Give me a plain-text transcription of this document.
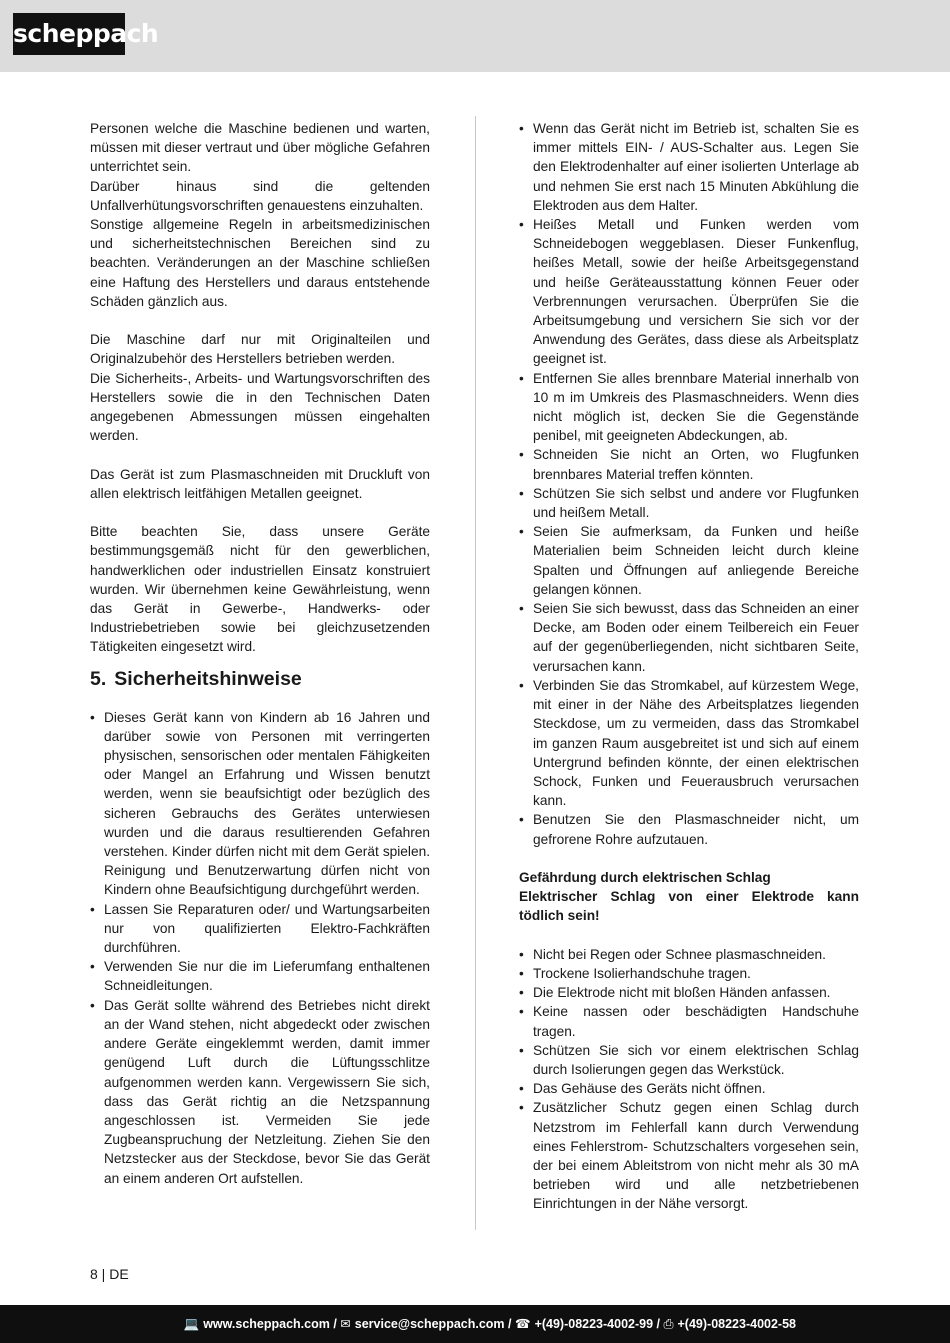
scheppach

Personen welche die Maschine bedienen und warten, müssen mit dieser vertraut und über mögliche Gefahren unterrichtet sein.

Darüber hinaus sind die geltenden Unfallverhütungsvorschriften genauestens einzuhalten.

Sonstige allgemeine Regeln in arbeitsmedizinischen und sicherheitstechnischen Bereichen sind zu beachten. Veränderungen an der Maschine schließen eine Haftung des Herstellers und daraus entstehende Schäden gänzlich aus.

Die Maschine darf nur mit Originalteilen und Originalzubehör des Herstellers betrieben werden.

Die Sicherheits-, Arbeits- und Wartungsvorschriften des Herstellers sowie die in den Technischen Daten angegebenen Abmessungen müssen eingehalten werden.

Das Gerät ist zum Plasmaschneiden mit Druckluft von allen elektrisch leitfähigen Metallen geeignet.

Bitte beachten Sie, dass unsere Geräte bestimmungsgemäß nicht für den gewerblichen, handwerklichen oder industriellen Einsatz konstruiert wurden. Wir übernehmen keine Gewährleistung, wenn das Gerät in Gewerbe-, Handwerks- oder Industriebetrieben sowie bei gleichzusetzenden Tätigkeiten eingesetzt wird.

5. Sicherheitshinweise
• Dieses Gerät kann von Kindern ab 16 Jahren und darüber sowie von Personen mit verringerten physischen, sensorischen oder mentalen Fähigkeiten oder Mangel an Erfahrung und Wissen benutzt werden, wenn sie beaufsichtigt oder bezüglich des sicheren Gebrauchs des Gerätes unterwiesen wurden und die daraus resultierenden Gefahren verstehen. Kinder dürfen nicht mit dem Gerät spielen. Reinigung und Benutzerwartung dürfen nicht von Kindern ohne Beaufsichtigung durchgeführt werden.
• Lassen Sie Reparaturen oder/ und Wartungsarbeiten nur von qualifizierten Elektro-Fachkräften durchführen.
• Verwenden Sie nur die im Lieferumfang enthaltenen Schneidleitungen.
• Das Gerät sollte während des Betriebes nicht direkt an der Wand stehen, nicht abgedeckt oder zwischen andere Geräte eingeklemmt werden, damit immer genügend Luft durch die Lüftungsschlitze aufgenommen werden kann. Vergewissern Sie sich, dass das Gerät richtig an die Netzspannung angeschlossen ist. Vermeiden Sie jede Zugbeanspruchung der Netzleitung. Ziehen Sie den Netzstecker aus der Steckdose, bevor Sie das Gerät an einem anderen Ort aufstellen.
• Wenn das Gerät nicht im Betrieb ist, schalten Sie es immer mittels EIN- / AUS-Schalter aus. Legen Sie den Elektrodenhalter auf einer isolierten Unterlage ab und nehmen Sie erst nach 15 Minuten Abkühlung die Elektroden aus dem Halter.
• Heißes Metall und Funken werden vom Schneidebogen weggeblasen. Dieser Funkenflug, heißes Metall, sowie der heiße Arbeitsgegenstand und heiße Geräteausstattung können Feuer oder Verbrennungen verursachen. Überprüfen Sie die Arbeitsumgebung und versichern Sie sich vor der Anwendung des Gerätes, dass diese als Arbeitsplatz geeignet ist.
• Entfernen Sie alles brennbare Material innerhalb von 10 m im Umkreis des Plasmaschneiders. Wenn dies nicht möglich ist, decken Sie die Gegenstände penibel, mit geeigneten Abdeckungen, ab.
• Schneiden Sie nicht an Orten, wo Flugfunken brennbares Material treffen könnten.
• Schützen Sie sich selbst und andere vor Flugfunken und heißem Metall.
• Seien Sie aufmerksam, da Funken und heiße Materialien beim Schneiden leicht durch kleine Spalten und Öffnungen auf anliegende Bereiche gelangen können.
• Seien Sie sich bewusst, dass das Schneiden an einer Decke, am Boden oder einem Teilbereich ein Feuer auf der gegenüberliegenden, nicht sichtbaren Seite, verursachen kann.
• Verbinden Sie das Stromkabel, auf kürzestem Wege, mit einer in der Nähe des Arbeitsplatzes liegenden Steckdose, um zu vermeiden, dass das Stromkabel im ganzen Raum ausgebreitet ist und sich auf einem Untergrund befinden könnte, der einen elektrischen Schock, Funken und Feuerausbruch verursachen kann.
• Benutzen Sie den Plasmaschneider nicht, um gefrorene Rohre aufzutauen.

Gefährdung durch elektrischen Schlag

Elektrischer Schlag von einer Elektrode kann tödlich sein!

• Nicht bei Regen oder Schnee plasmaschneiden.
• Trockene Isolierhandschuhe tragen.
• Die Elektrode nicht mit bloßen Händen anfassen.
• Keine nassen oder beschädigten Handschuhe tragen.
• Schützen Sie sich vor einem elektrischen Schlag durch Isolierungen gegen das Werkstück.
• Das Gehäuse des Geräts nicht öffnen.
• Zusätzlicher Schutz gegen einen Schlag durch Netzstrom im Fehlerfall kann durch Verwendung eines Fehlerstrom- Schutzschalters vorgesehen sein, der bei einem Ableitstrom von nicht mehr als 30 mA betrieben wird und alle netzbetriebenen Einrichtungen in der Nähe versorgt.
8 | DE
💻 www.scheppach.com / ✉ service@scheppach.com / ☎ +(49)-08223-4002-99 / ⎙ +(49)-08223-4002-58
